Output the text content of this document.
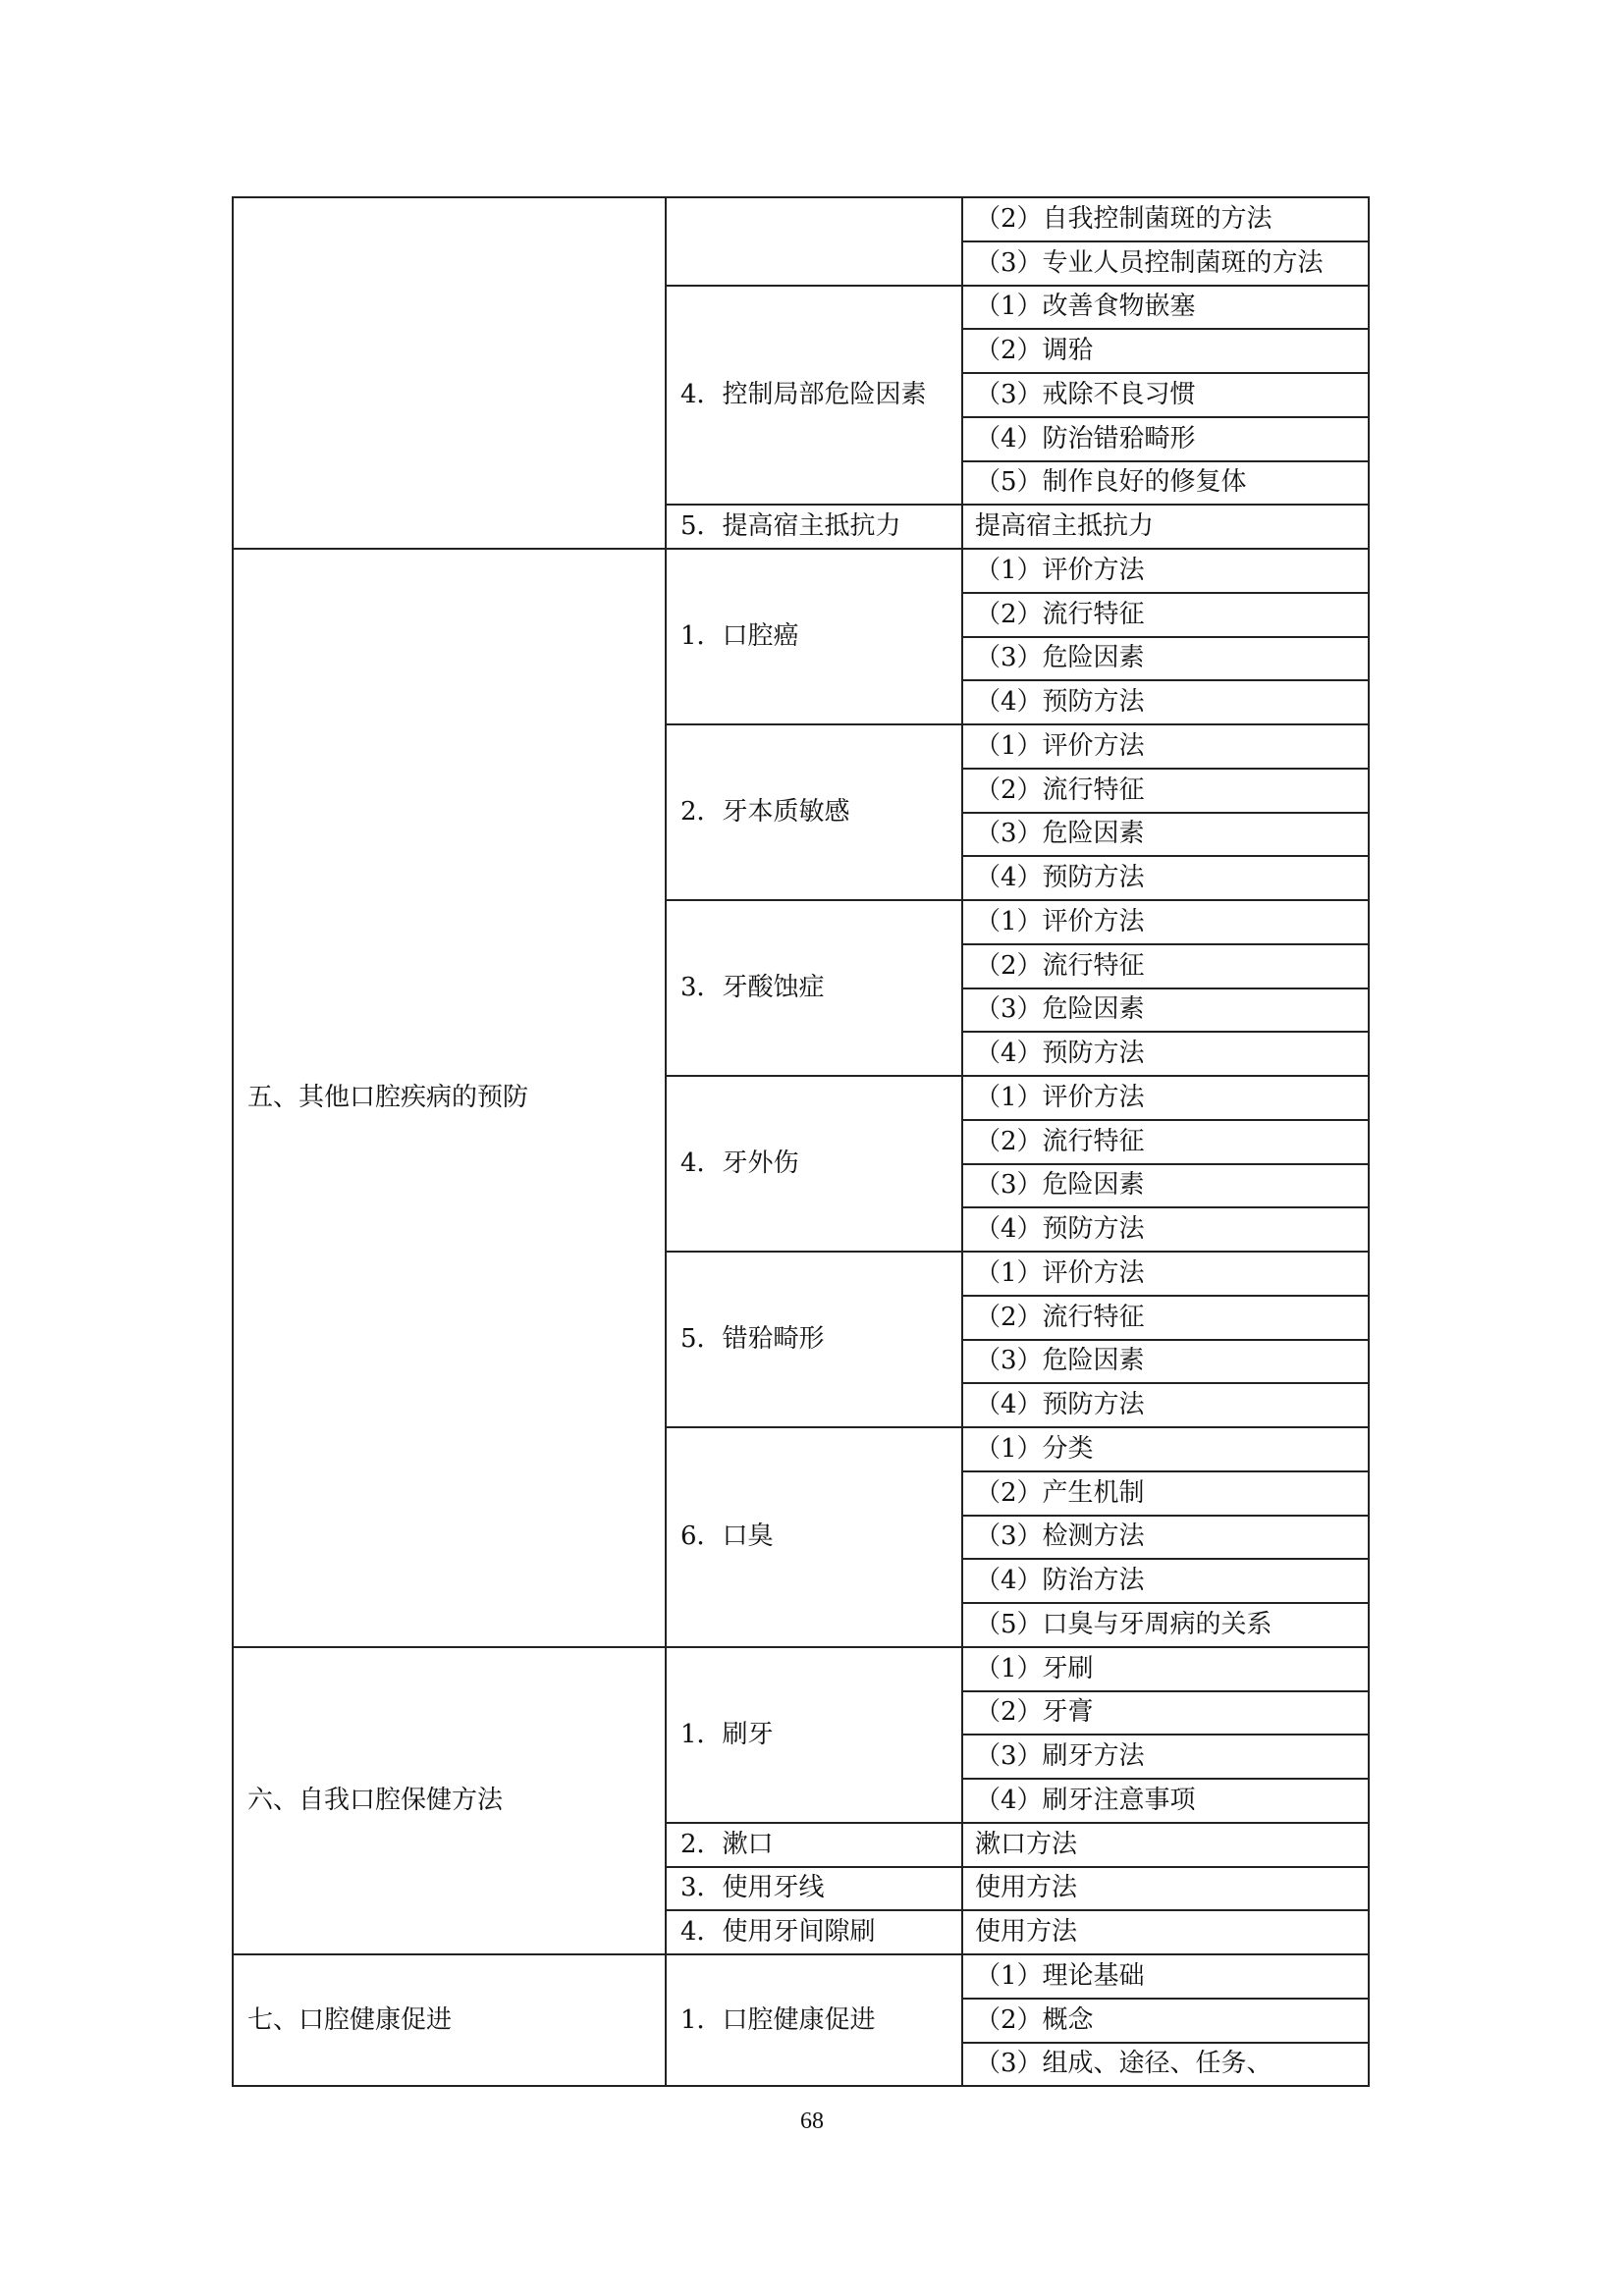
		（2）自我控制菌斑的方法
		（3）专业人员控制菌斑的方法
	4．控制局部危险因素	（1）改善食物嵌塞
		（2）调𬌗
		（3）戒除不良习惯
		（4）防治错𬌗畸形
		（5）制作良好的修复体
	5．提高宿主抵抗力	提高宿主抵抗力
五、其他口腔疾病的预防	1．口腔癌	（1）评价方法
		（2）流行特征
		（3）危险因素
		（4）预防方法
	2．牙本质敏感	（1）评价方法
		（2）流行特征
		（3）危险因素
		（4）预防方法
	3．牙酸蚀症	（1）评价方法
		（2）流行特征
		（3）危险因素
		（4）预防方法
	4．牙外伤	（1）评价方法
		（2）流行特征
		（3）危险因素
		（4）预防方法
	5．错𬌗畸形	（1）评价方法
		（2）流行特征
		（3）危险因素
		（4）预防方法
	6．口臭	（1）分类
		（2）产生机制
		（3）检测方法
		（4）防治方法
		（5）口臭与牙周病的关系
六、自我口腔保健方法	1．刷牙	（1）牙刷
		（2）牙膏
		（3）刷牙方法
		（4）刷牙注意事项
	2．漱口	漱口方法
	3．使用牙线	使用方法
	4．使用牙间隙刷	使用方法
七、口腔健康促进	1．口腔健康促进	（1）理论基础
		（2）概念
		（3）组成、途径、任务、
68
